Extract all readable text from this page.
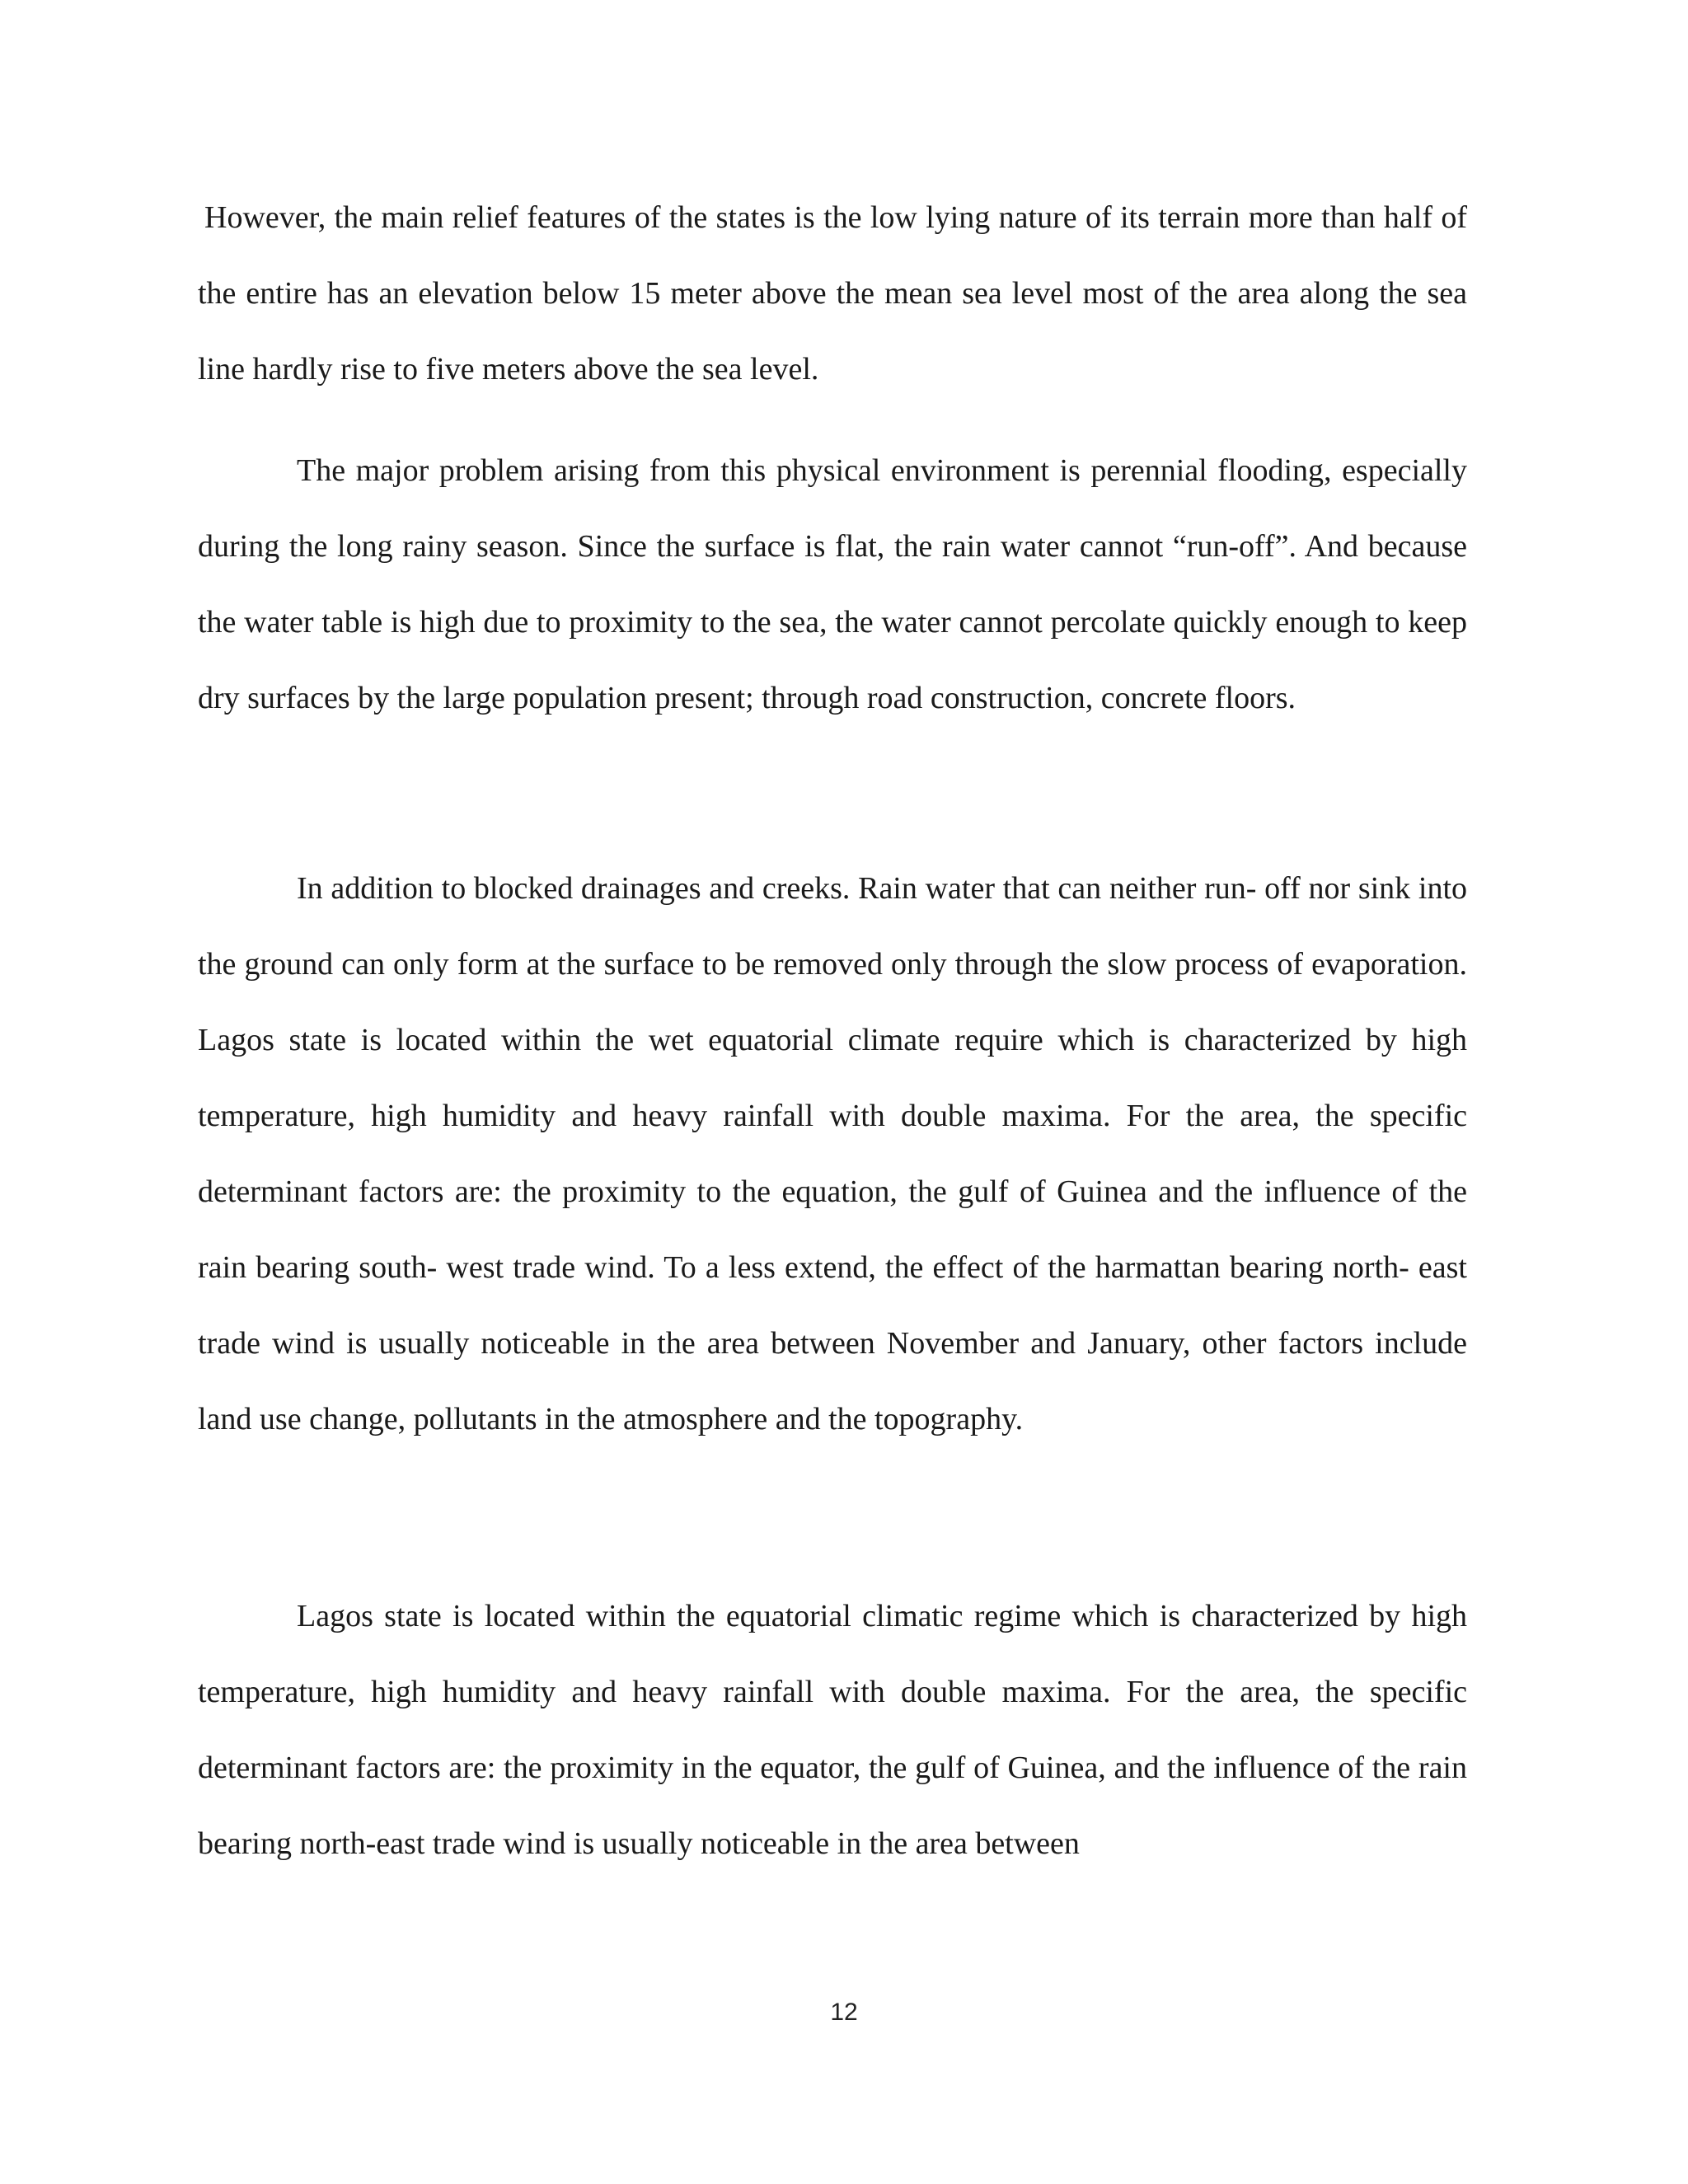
However, the main relief features of the states is the low lying nature of its terrain more than half of the entire has an elevation below 15 meter above the mean sea level most of the area along the sea line hardly rise to five meters above the sea level.

The major problem arising from this physical environment is perennial flooding, especially during the long rainy season. Since the surface is flat, the rain water cannot “run-off”. And because the water table is high due to proximity to the sea, the water cannot percolate quickly enough to keep dry surfaces by the large population present; through road construction, concrete floors.

In addition to blocked drainages and creeks. Rain water that can neither run- off nor sink into the ground can only form at the surface to be removed only through the slow process of evaporation. Lagos state is located within the wet equatorial climate require which is characterized by high temperature, high humidity and heavy rainfall with double maxima. For the area, the specific determinant factors are: the proximity to the equation, the gulf of Guinea and the influence of the rain bearing south- west trade wind. To a less extend, the effect of the harmattan bearing north- east trade wind is usually noticeable in the area between November and January, other factors include land use change, pollutants in the atmosphere and the topography.

Lagos state is located within the equatorial climatic regime which is characterized by high temperature, high humidity and heavy rainfall with double maxima. For the area, the specific determinant factors are: the proximity in the equator, the gulf of Guinea, and the influence of the rain bearing north-east trade wind is usually noticeable in the area between

12
